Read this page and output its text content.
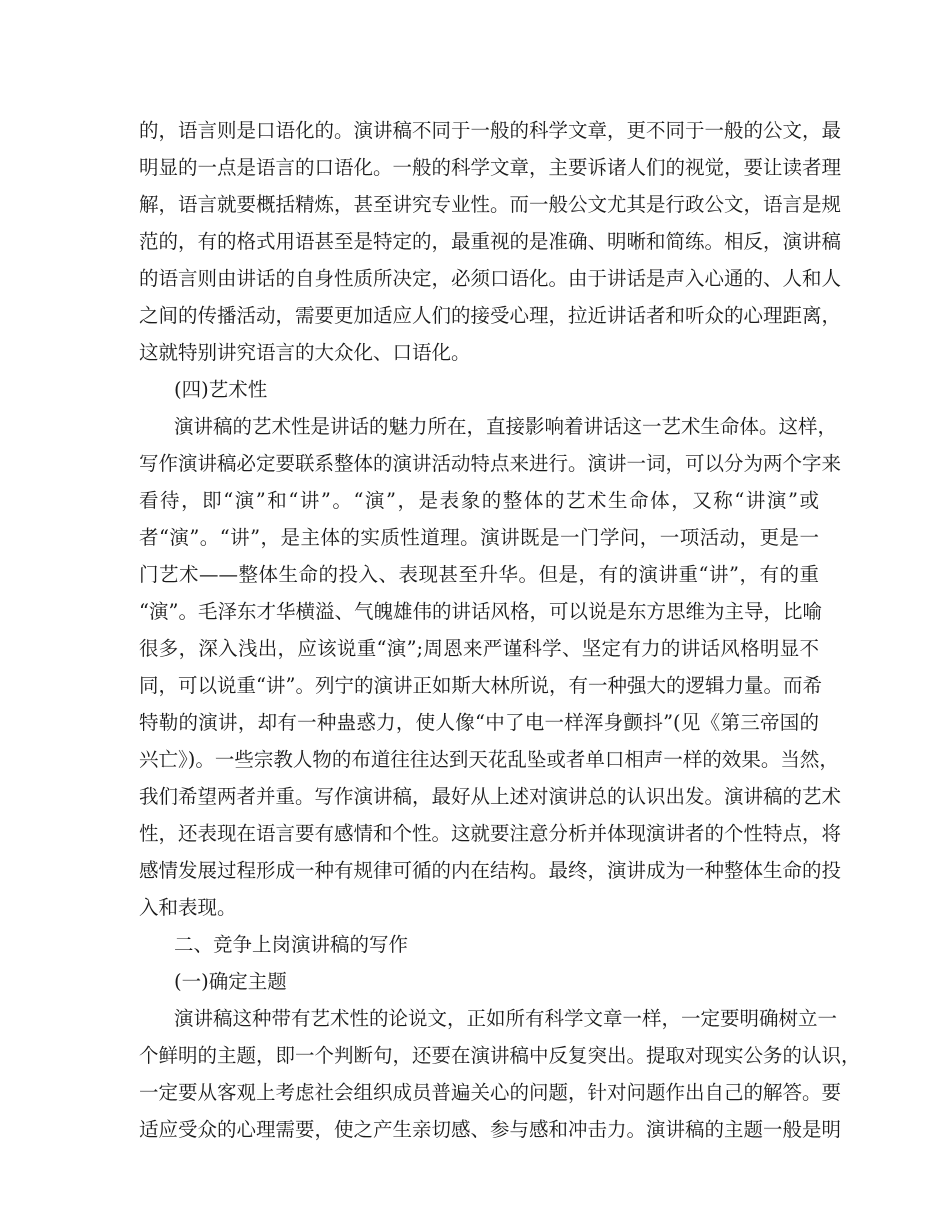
的，语言则是口语化的。演讲稿不同于一般的科学文章，更不同于一般的公文，最
明显的一点是语言的口语化。一般的科学文章，主要诉诸人们的视觉，要让读者理
解，语言就要概括精炼，甚至讲究专业性。而一般公文尤其是行政公文，语言是规
范的，有的格式用语甚至是特定的，最重视的是准确、明晰和简练。相反，演讲稿
的语言则由讲话的自身性质所决定，必须口语化。由于讲话是声入心通的、人和人
之间的传播活动，需要更加适应人们的接受心理，拉近讲话者和听众的心理距离，
这就特别讲究语言的大众化、口语化。
(四)艺术性
演讲稿的艺术性是讲话的魅力所在，直接影响着讲话这一艺术生命体。这样，
写作演讲稿必定要联系整体的演讲活动特点来进行。演讲一词，可以分为两个字来
看待，即“演”和“讲”。“演”，是表象的整体的艺术生命体，又称“讲演”或
者“演”。“讲”，是主体的实质性道理。演讲既是一门学问，一项活动，更是一
门艺术——整体生命的投入、表现甚至升华。但是，有的演讲重“讲”，有的重
“演”。毛泽东才华横溢、气魄雄伟的讲话风格，可以说是东方思维为主导，比喻
很多，深入浅出，应该说重“演”;周恩来严谨科学、坚定有力的讲话风格明显不
同，可以说重“讲”。列宁的演讲正如斯大林所说，有一种强大的逻辑力量。而希
特勒的演讲，却有一种蛊惑力，使人像“中了电一样浑身颤抖”(见《第三帝国的
兴亡》)。一些宗教人物的布道往往达到天花乱坠或者单口相声一样的效果。当然，
我们希望两者并重。写作演讲稿，最好从上述对演讲总的认识出发。演讲稿的艺术
性，还表现在语言要有感情和个性。这就要注意分析并体现演讲者的个性特点，将
感情发展过程形成一种有规律可循的内在结构。最终，演讲成为一种整体生命的投
入和表现。
二、竞争上岗演讲稿的写作
(一)确定主题
演讲稿这种带有艺术性的论说文，正如所有科学文章一样，一定要明确树立一
个鲜明的主题，即一个判断句，还要在演讲稿中反复突出。提取对现实公务的认识，
一定要从客观上考虑社会组织成员普遍关心的问题，针对问题作出自己的解答。要
适应受众的心理需要，使之产生亲切感、参与感和冲击力。演讲稿的主题一般是明
